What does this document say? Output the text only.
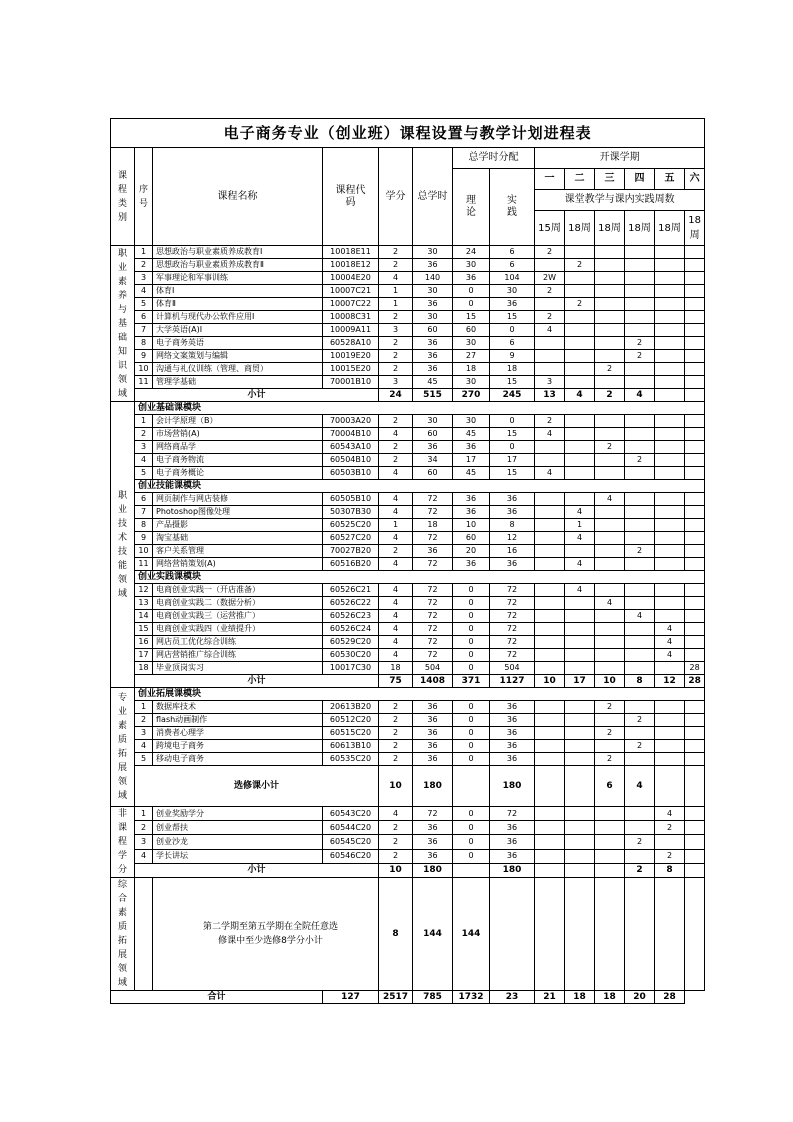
电子商务专业（创业班）课程设置与教学计划进程表													
课程类别	序号	课程名称	课程代码	学分	总学时	总学时分配		开课学期					
						理论	实践	一	二	三	四	五	六
								课堂教学与课内实践周数					
								15周	18周	18周	18周	18周	18周
职业素养与基础知识领域	1	思想政治与职业素质养成教育Ⅰ	10018E11	2	30	24	6	2					
	2	思想政治与职业素质养成教育Ⅱ	10018E12	2	36	30	6		2				
	3	军事理论和军事训练	10004E20	4	140	36	104	2W					
	4	体育Ⅰ	10007C21	1	30	0	30	2					
	5	体育Ⅱ	10007C22	1	36	0	36		2				
	6	计算机与现代办公软件应用Ⅰ	10008C31	2	30	15	15	2					
	7	大学英语(A)Ⅰ	10009A11	3	60	60	0	4					
	8	电子商务英语	60528A10	2	36	30	6				2		
	9	网络文案策划与编辑	10019E20	2	36	27	9				2		
	10	沟通与礼仪训练（管理、商贸）	10015E20	2	36	18	18			2			
	11	管理学基础	70001B10	3	45	30	15	3					
	小计			24	515	270	245	13	4	2	4		
职业技术技能领域	创业基础课模块												
	1	会计学原理（B）	70003A20	2	30	30	0	2					
	2	市场营销(A)	70004B10	4	60	45	15	4					
	3	网络商品学	60543A10	2	36	36	0			2			
	4	电子商务物流	60504B10	2	34	17	17				2		
	5	电子商务概论	60503B10	4	60	45	15	4					
	创业技能课模块												
	6	网页制作与网店装修	60505B10	4	72	36	36			4			
	7	Photoshop图像处理	50307B30	4	72	36	36		4				
	8	产品摄影	60525C20	1	18	10	8		1				
	9	淘宝基础	60527C20	4	72	60	12		4				
	10	客户关系管理	70027B20	2	36	20	16				2		
	11	网络营销策划(A)	60516B20	4	72	36	36		4				
	创业实践课模块												
	12	电商创业实践一（开店准备）	60526C21	4	72	0	72		4				
	13	电商创业实践二（数据分析）	60526C22	4	72	0	72			4			
	14	电商创业实践三（运营推广）	60526C23	4	72	0	72				4		
	15	电商创业实践四（业绩提升）	60526C24	4	72	0	72					4	
	16	网店员工优化综合训练	60529C20	4	72	0	72					4	
	17	网店营销推广综合训练	60530C20	4	72	0	72					4	
	18	毕业顶岗实习	10017C30	18	504	0	504						28
	小计			75	1408	371	1127	10	17	10	8	12	28
专业素质拓展领域	创业拓展课模块												
	1	数据库技术	20613B20	2	36	0	36			2			
	2	flash动画制作	60512C20	2	36	0	36				2		
	3	消费者心理学	60515C20	2	36	0	36			2			
	4	跨境电子商务	60613B10	2	36	0	36				2		
	5	移动电子商务	60535C20	2	36	0	36			2			
	选修课小计			10	180		180			6	4		
非课程学分	1	创业奖励学分	60543C20	4	72	0	72					4	
	2	创业帮扶	60544C20	2	36	0	36					2	
	3	创业沙龙	60545C20	2	36	0	36				2		
	4	学长讲坛	60546C20	2	36	0	36					2	
	小计			10	180		180				2	8	
综合素质拓展领域		第二学期至第五学期在全院任意选修课中至少选修8学分小计		8	144	144							
合计			127	2517	785	1732	23	21	18	18	20	28	
